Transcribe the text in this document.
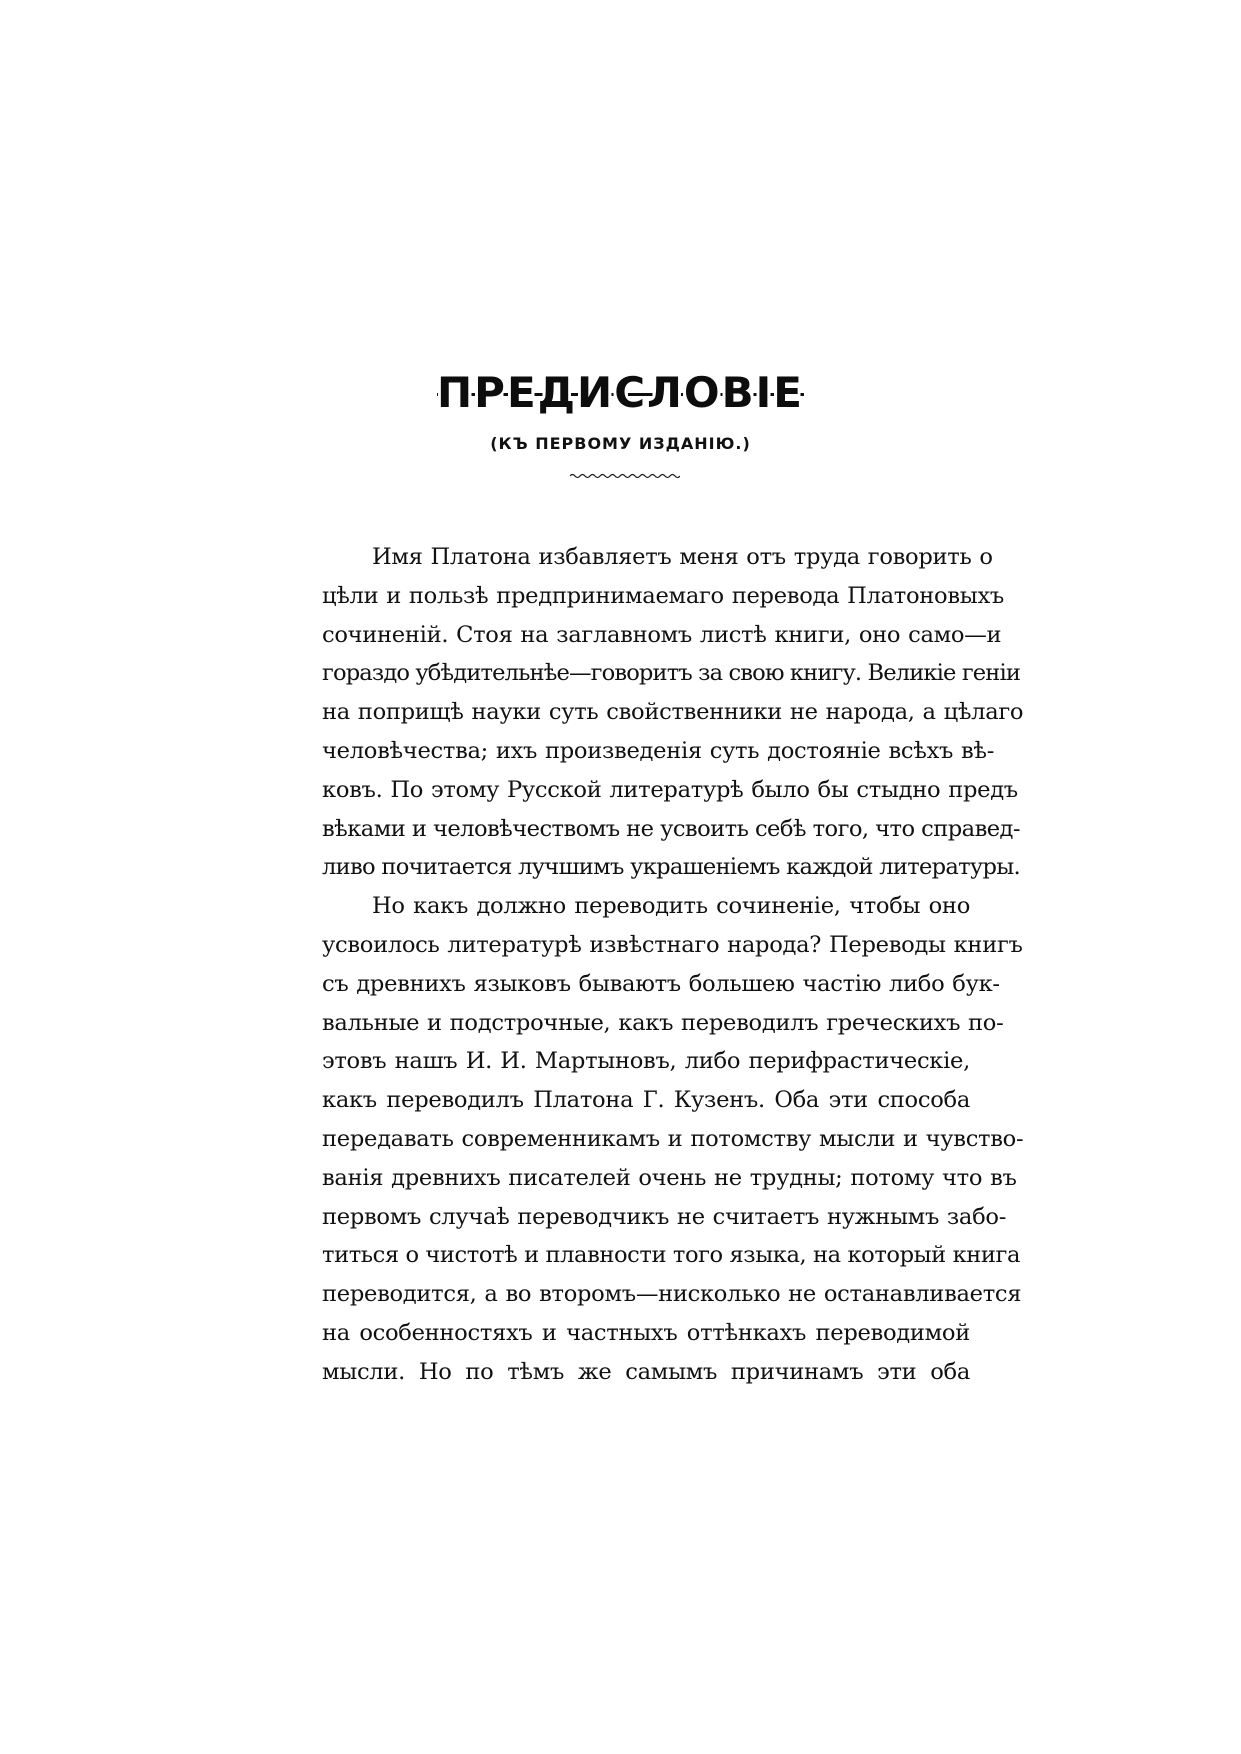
ПРЕДИСЛОВІЕ
(КЪ ПЕРВОМУ ИЗДАНІЮ.)

Имя Платона избавляетъ меня отъ труда говорить о
цѣли и пользѣ предпринимаемаго перевода Платоновыхъ
сочиненій. Стоя на заглавномъ листѣ книги, оно само—и
гораздо убѣдительнѣе—говоритъ за свою книгу. Великіе геніи
на поприщѣ науки суть свойственники не народа, а цѣлаго
человѣчества; ихъ произведенія суть достояніе всѣхъ вѣ-
ковъ. По этому Русской литературѣ было бы стыдно предъ
вѣками и человѣчествомъ не усвоить себѣ того, что справед-
ливо почитается лучшимъ украшеніемъ каждой литературы.

Но какъ должно переводить сочиненіе, чтобы оно
усвоилось литературѣ извѣстнаго народа? Переводы книгъ
съ древнихъ языковъ бываютъ большею частію либо бук-
вальные и подстрочные, какъ переводилъ греческихъ по-
этовъ нашъ И. И. Мартыновъ, либо перифрастическіе,
какъ переводилъ Платона Г. Кузенъ. Оба эти способа
передавать современникамъ и потомству мысли и чувство-
ванія древнихъ писателей очень не трудны; потому что въ
первомъ случаѣ переводчикъ не считаетъ нужнымъ забо-
титься о чистотѣ и плавности того языка, на который книга
переводится, а во второмъ—нисколько не останавливается
на особенностяхъ и частныхъ оттѣнкахъ переводимой
мысли. Но по тѣмъ же самымъ причинамъ эти оба
